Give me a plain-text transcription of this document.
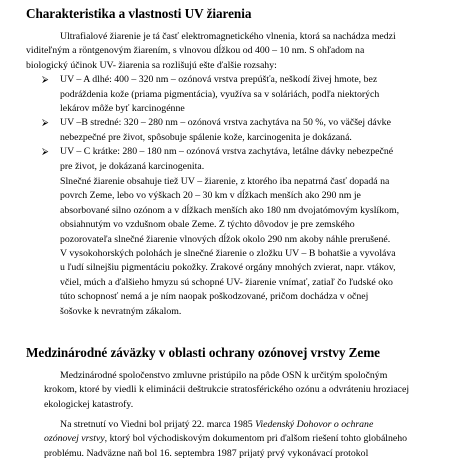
Charakteristika a vlastnosti UV žiarenia
Ultrafialové žiarenie je tá časť elektromagnetického vlnenia, ktorá sa nachádza medzi
viditeľným a röntgenovým žiarením, s vlnovou dĺžkou od 400 – 10 nm. S ohľadom na
biologický účinok UV- žiarenia sa rozlišujú ešte ďalšie rozsahy:
⮚	UV – A dlhé: 400 – 320 nm – ozónová vrstva prepúšťa, neškodí živej hmote, bez
podráždenia kože (priama pigmentácia), využíva sa v soláriách, podľa niektorých
lekárov môže byť karcinogénne
⮚	UV –B stredné: 320 – 280 nm – ozónová vrstva zachytáva na 50 %, vo väčšej dávke
nebezpečné pre život, spôsobuje spálenie kože, karcinogenita je dokázaná.
⮚	UV – C krátke: 280 – 180 nm – ozónová vrstva zachytáva, letálne dávky nebezpečné
pre život, je dokázaná karcinogenita.
Slnečné žiarenie obsahuje tiež UV – žiarenie, z ktorého iba nepatrná časť dopadá na
povrch Zeme, lebo vo výškach 20 – 30 km v dĺžkach menších ako 290 nm je
absorbované silno ozónom a v dĺžkach menších ako 180 nm dvojatómovým kyslíkom,
obsiahnutým vo vzdušnom obale Zeme. Z týchto dôvodov je pre zemského
pozorovateľa slnečné žiarenie vlnových dĺžok okolo 290 nm akoby náhle prerušené.
V vysokohorských polohách je slnečné žiarenie o zložku UV – B bohatšie a vyvoláva
u ľudí silnejšiu pigmentáciu pokožky. Zrakové orgány mnohých zvierat, napr. vtákov,
včiel, múch a ďalšieho hmyzu sú schopné UV- žiarenie vnímať, zatiaľ čo ľudské oko
túto schopnosť nemá a je ním naopak poškodzované, pričom dochádza v očnej
šošovke k nevratným zákalom.
Medzinárodné záväzky v oblasti ochrany ozónovej vrstvy Zeme
Medzinárodné spoločenstvo zmluvne pristúpilo na pôde OSN k určitým spoločným
krokom, ktoré by viedli k eliminácii deštrukcie stratosférického ozónu a odvráteniu hroziacej
ekologickej katastrofy.
Na stretnutí vo Viedni bol prijatý 22. marca 1985 Viedenský Dohovor o ochrane
ozónovej vrstvy, ktorý bol východiskovým dokumentom pri ďalšom riešení tohto globálneho
problému. Nadväzne naň bol 16. septembra 1987 prijatý prvý vykonávací protokol
